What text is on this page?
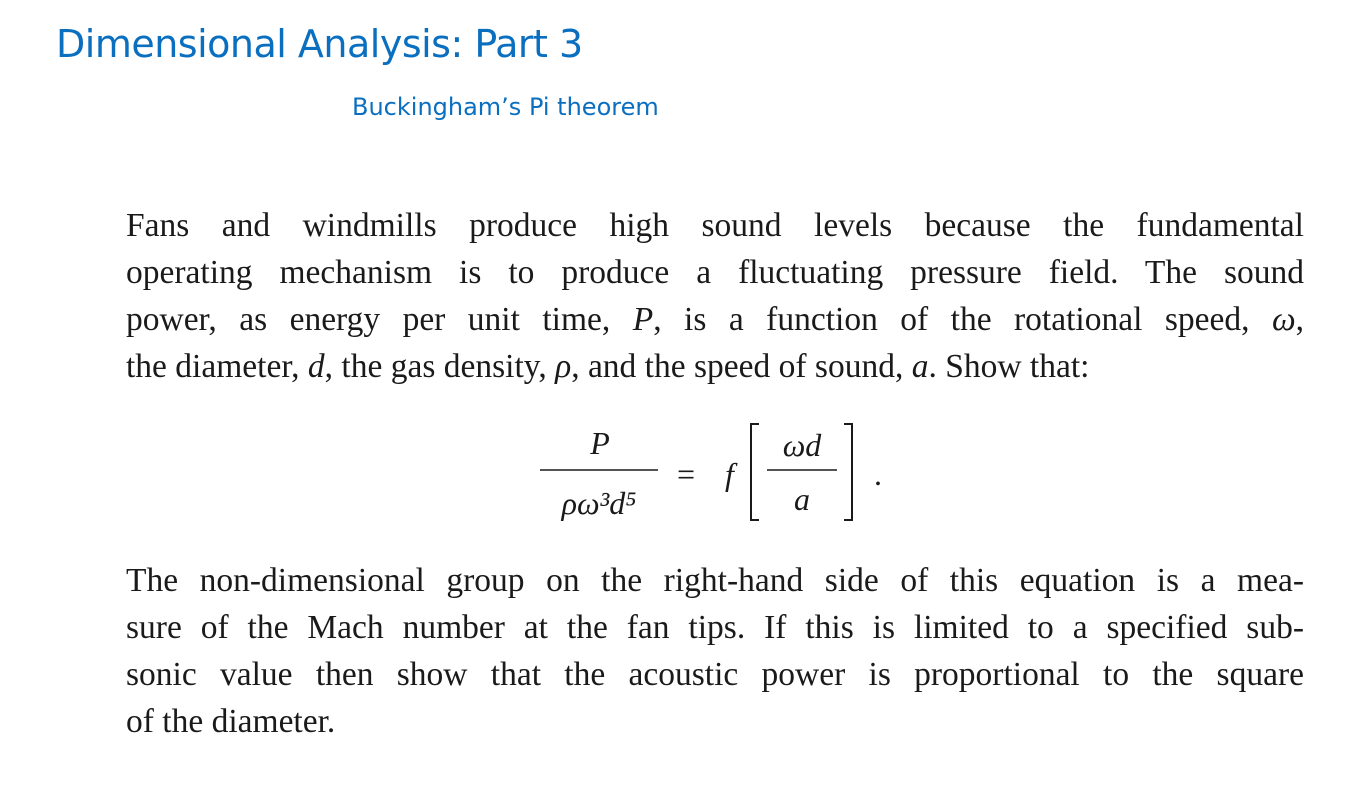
Dimensional Analysis: Part 3
Buckingham’s Pi theorem
Fans and windmills produce high sound levels because the fundamental
operating mechanism is to produce a fluctuating pressure field. The sound
power, as energy per unit time, P, is a function of the rotational speed, ω,
the diameter, d, the gas density, ρ, and the speed of sound, a. Show that:
P
ρω³d⁵
= f
ωd
a
.
The non-dimensional group on the right-hand side of this equation is a mea-
sure of the Mach number at the fan tips. If this is limited to a specified sub-
sonic value then show that the acoustic power is proportional to the square
of the diameter.
